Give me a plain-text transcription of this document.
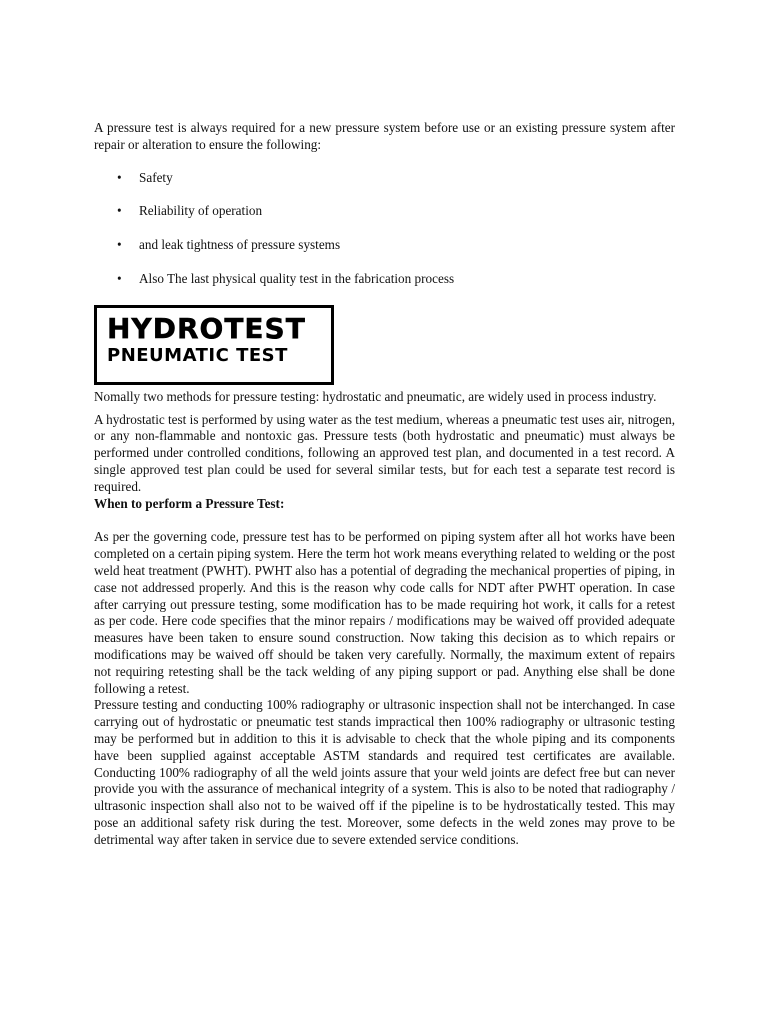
A pressure test is always required for a new pressure system before use or an existing pressure system after repair or alteration to ensure the following:

• Safety
• Reliability of operation
• and leak tightness of pressure systems
• Also The last physical quality test in the fabrication process
HYDROTEST
PNEUMATIC TEST

Nomally two methods for pressure testing: hydrostatic and pneumatic, are widely used in process industry.

A hydrostatic test is performed by using water as the test medium, whereas a pneumatic test uses air, nitrogen, or any non-flammable and nontoxic gas. Pressure tests (both hydrostatic and pneumatic) must always be performed under controlled conditions, following an approved test plan, and documented in a test record. A single approved test plan could be used for several similar tests, but for each test a separate test record is required.

When to perform a Pressure Test:

As per the governing code, pressure test has to be performed on piping system after all hot works have been completed on a certain piping system. Here the term hot work means everything related to welding or the post weld heat treatment (PWHT). PWHT also has a potential of degrading the mechanical properties of piping, in case not addressed properly. And this is the reason why code calls for NDT after PWHT operation. In case after carrying out pressure testing, some modification has to be made requiring hot work, it calls for a retest as per code. Here code specifies that the minor repairs / modifications may be waived off provided adequate measures have been taken to ensure sound construction. Now taking this decision as to which repairs or modifications may be waived off should be taken very carefully. Normally, the maximum extent of repairs not requiring retesting shall be the tack welding of any piping support or pad. Anything else shall be done following a retest.

Pressure testing and conducting 100% radiography or ultrasonic inspection shall not be interchanged. In case carrying out of hydrostatic or pneumatic test stands impractical then 100% radiography or ultrasonic testing may be performed but in addition to this it is advisable to check that the whole piping and its components have been supplied against acceptable ASTM standards and required test certificates are available. Conducting 100% radiography of all the weld joints assure that your weld joints are defect free but can never provide you with the assurance of mechanical integrity of a system. This is also to be noted that radiography / ultrasonic inspection shall also not to be waived off if the pipeline is to be hydrostatically tested. This may pose an additional safety risk during the test. Moreover, some defects in the weld zones may prove to be detrimental way after taken in service due to severe extended service conditions.
